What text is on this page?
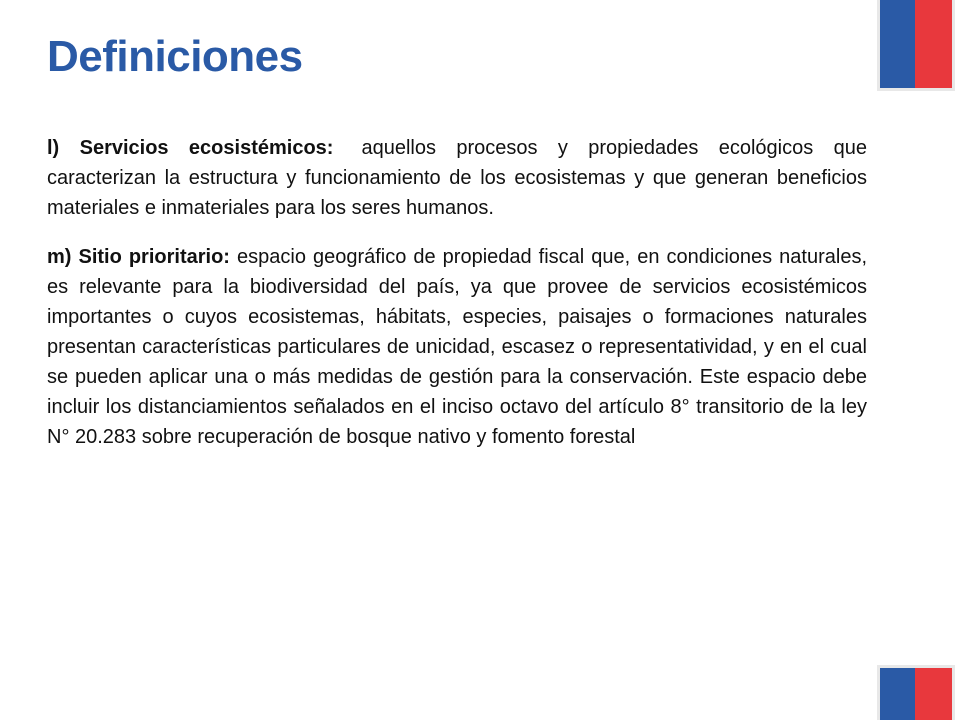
Definiciones

l) Servicios ecosistémicos: aquellos procesos y propiedades ecológicos que caracterizan la estructura y funcionamiento de los ecosistemas y que generan beneficios materiales e inmateriales para los seres humanos.

m) Sitio prioritario: espacio geográfico de propiedad fiscal que, en condiciones naturales, es relevante para la biodiversidad del país, ya que provee de servicios ecosistémicos importantes o cuyos ecosistemas, hábitats, especies, paisajes o formaciones naturales presentan características particulares de unicidad, escasez o representatividad, y en el cual se pueden aplicar una o más medidas de gestión para la conservación. Este espacio debe incluir los distanciamientos señalados en el inciso octavo del artículo 8° transitorio de la ley N° 20.283 sobre recuperación de bosque nativo y fomento forestal
